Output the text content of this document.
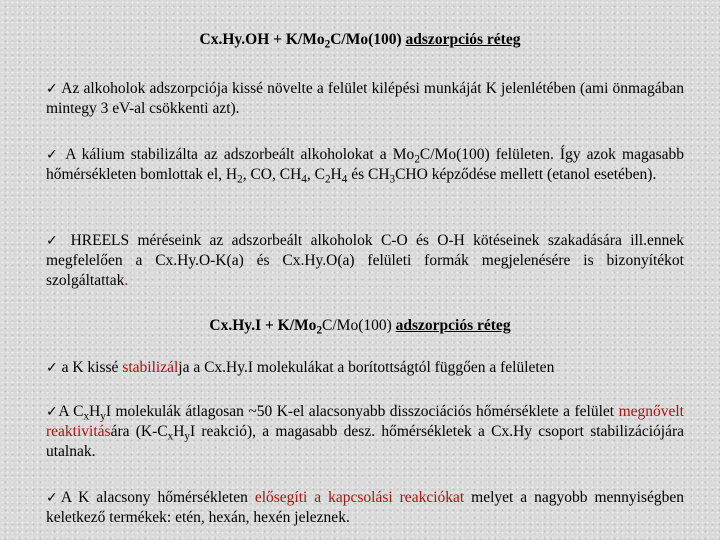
$Cx.Hy.OH + K/Mo_2C/Mo(100)$ adszorpciós réteg
✓ Az alkoholok adszorpciója kissé növelte a felület kilépési munkáját K jelenlétében (ami önmagában mintegy 3 eV-al csökkenti azt).
✓ A kálium stabilizálta az adszorbeált alkoholokat a $Mo_2C/Mo(100)$ felületen. Így azok magasabb hőmérsékleten bomlottak el, $H_2$, CO, $CH_4$, $C_2H_4$ és $CH_3CHO$ képződése mellett (etanol esetében).
✓ HREELS méréseink az adszorbeált alkoholok C-O és O-H kötéseinek szakadására ill.ennek megfelelően a Cx.Hy.O-K(a) és Cx.Hy.O(a) felületi formák megjelenésére is bizonyítékot szolgáltattak.
$Cx.Hy.I + K/Mo_2C/Mo(100)$ adszorpciós réteg
✓ a K kissé stabilizálja a Cx.Hy.I molekulákat a borítottságtól függően a felületen
✓A $C_xH_yI$ molekulák átlagosan ~50 K-el alacsonyabb disszociációs hőmérséklete a felület megnővelt reaktivitására ($K-C_xH_yI$ reakció), a magasabb desz. hőmérsékletek a Cx.Hy csoport stabilizációjára utalnak.
✓A K alacsony hőmérsékleten elősegíti a kapcsolási reakciókat melyet a nagyobb mennyiségben keletkező termékek: etén, hexán, hexén jeleznek.
